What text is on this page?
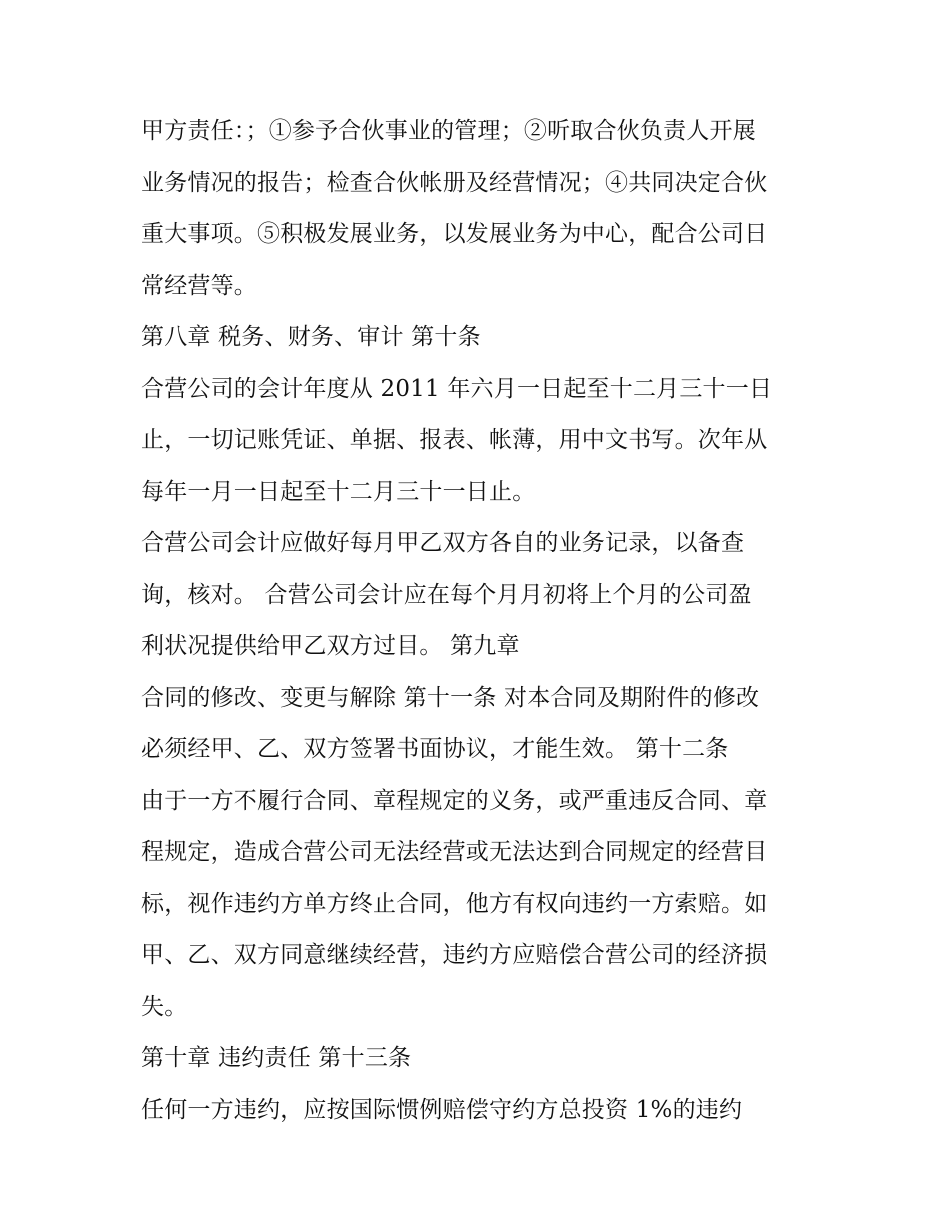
甲方责任：；①参予合伙事业的管理；②听取合伙负责人开展
业务情况的报告；检查合伙帐册及经营情况；④共同决定合伙
重大事项。⑤积极发展业务，以发展业务为中心，配合公司日
常经营等。
第八章 税务、财务、审计 第十条
合营公司的会计年度从 2011 年六月一日起至十二月三十一日
止，一切记账凭证、单据、报表、帐薄，用中文书写。次年从
每年一月一日起至十二月三十一日止。
合营公司会计应做好每月甲乙双方各自的业务记录，以备查
询，核对。 合营公司会计应在每个月月初将上个月的公司盈
利状况提供给甲乙双方过目。 第九章
合同的修改、变更与解除 第十一条 对本合同及期附件的修改
必须经甲、乙、双方签署书面协议，才能生效。 第十二条
由于一方不履行合同、章程规定的义务，或严重违反合同、章
程规定，造成合营公司无法经营或无法达到合同规定的经营目
标，视作违约方单方终止合同，他方有权向违约一方索赔。如
甲、乙、双方同意继续经营，违约方应赔偿合营公司的经济损
失。
第十章 违约责任 第十三条
任何一方违约，应按国际惯例赔偿守约方总投资 1%的违约
